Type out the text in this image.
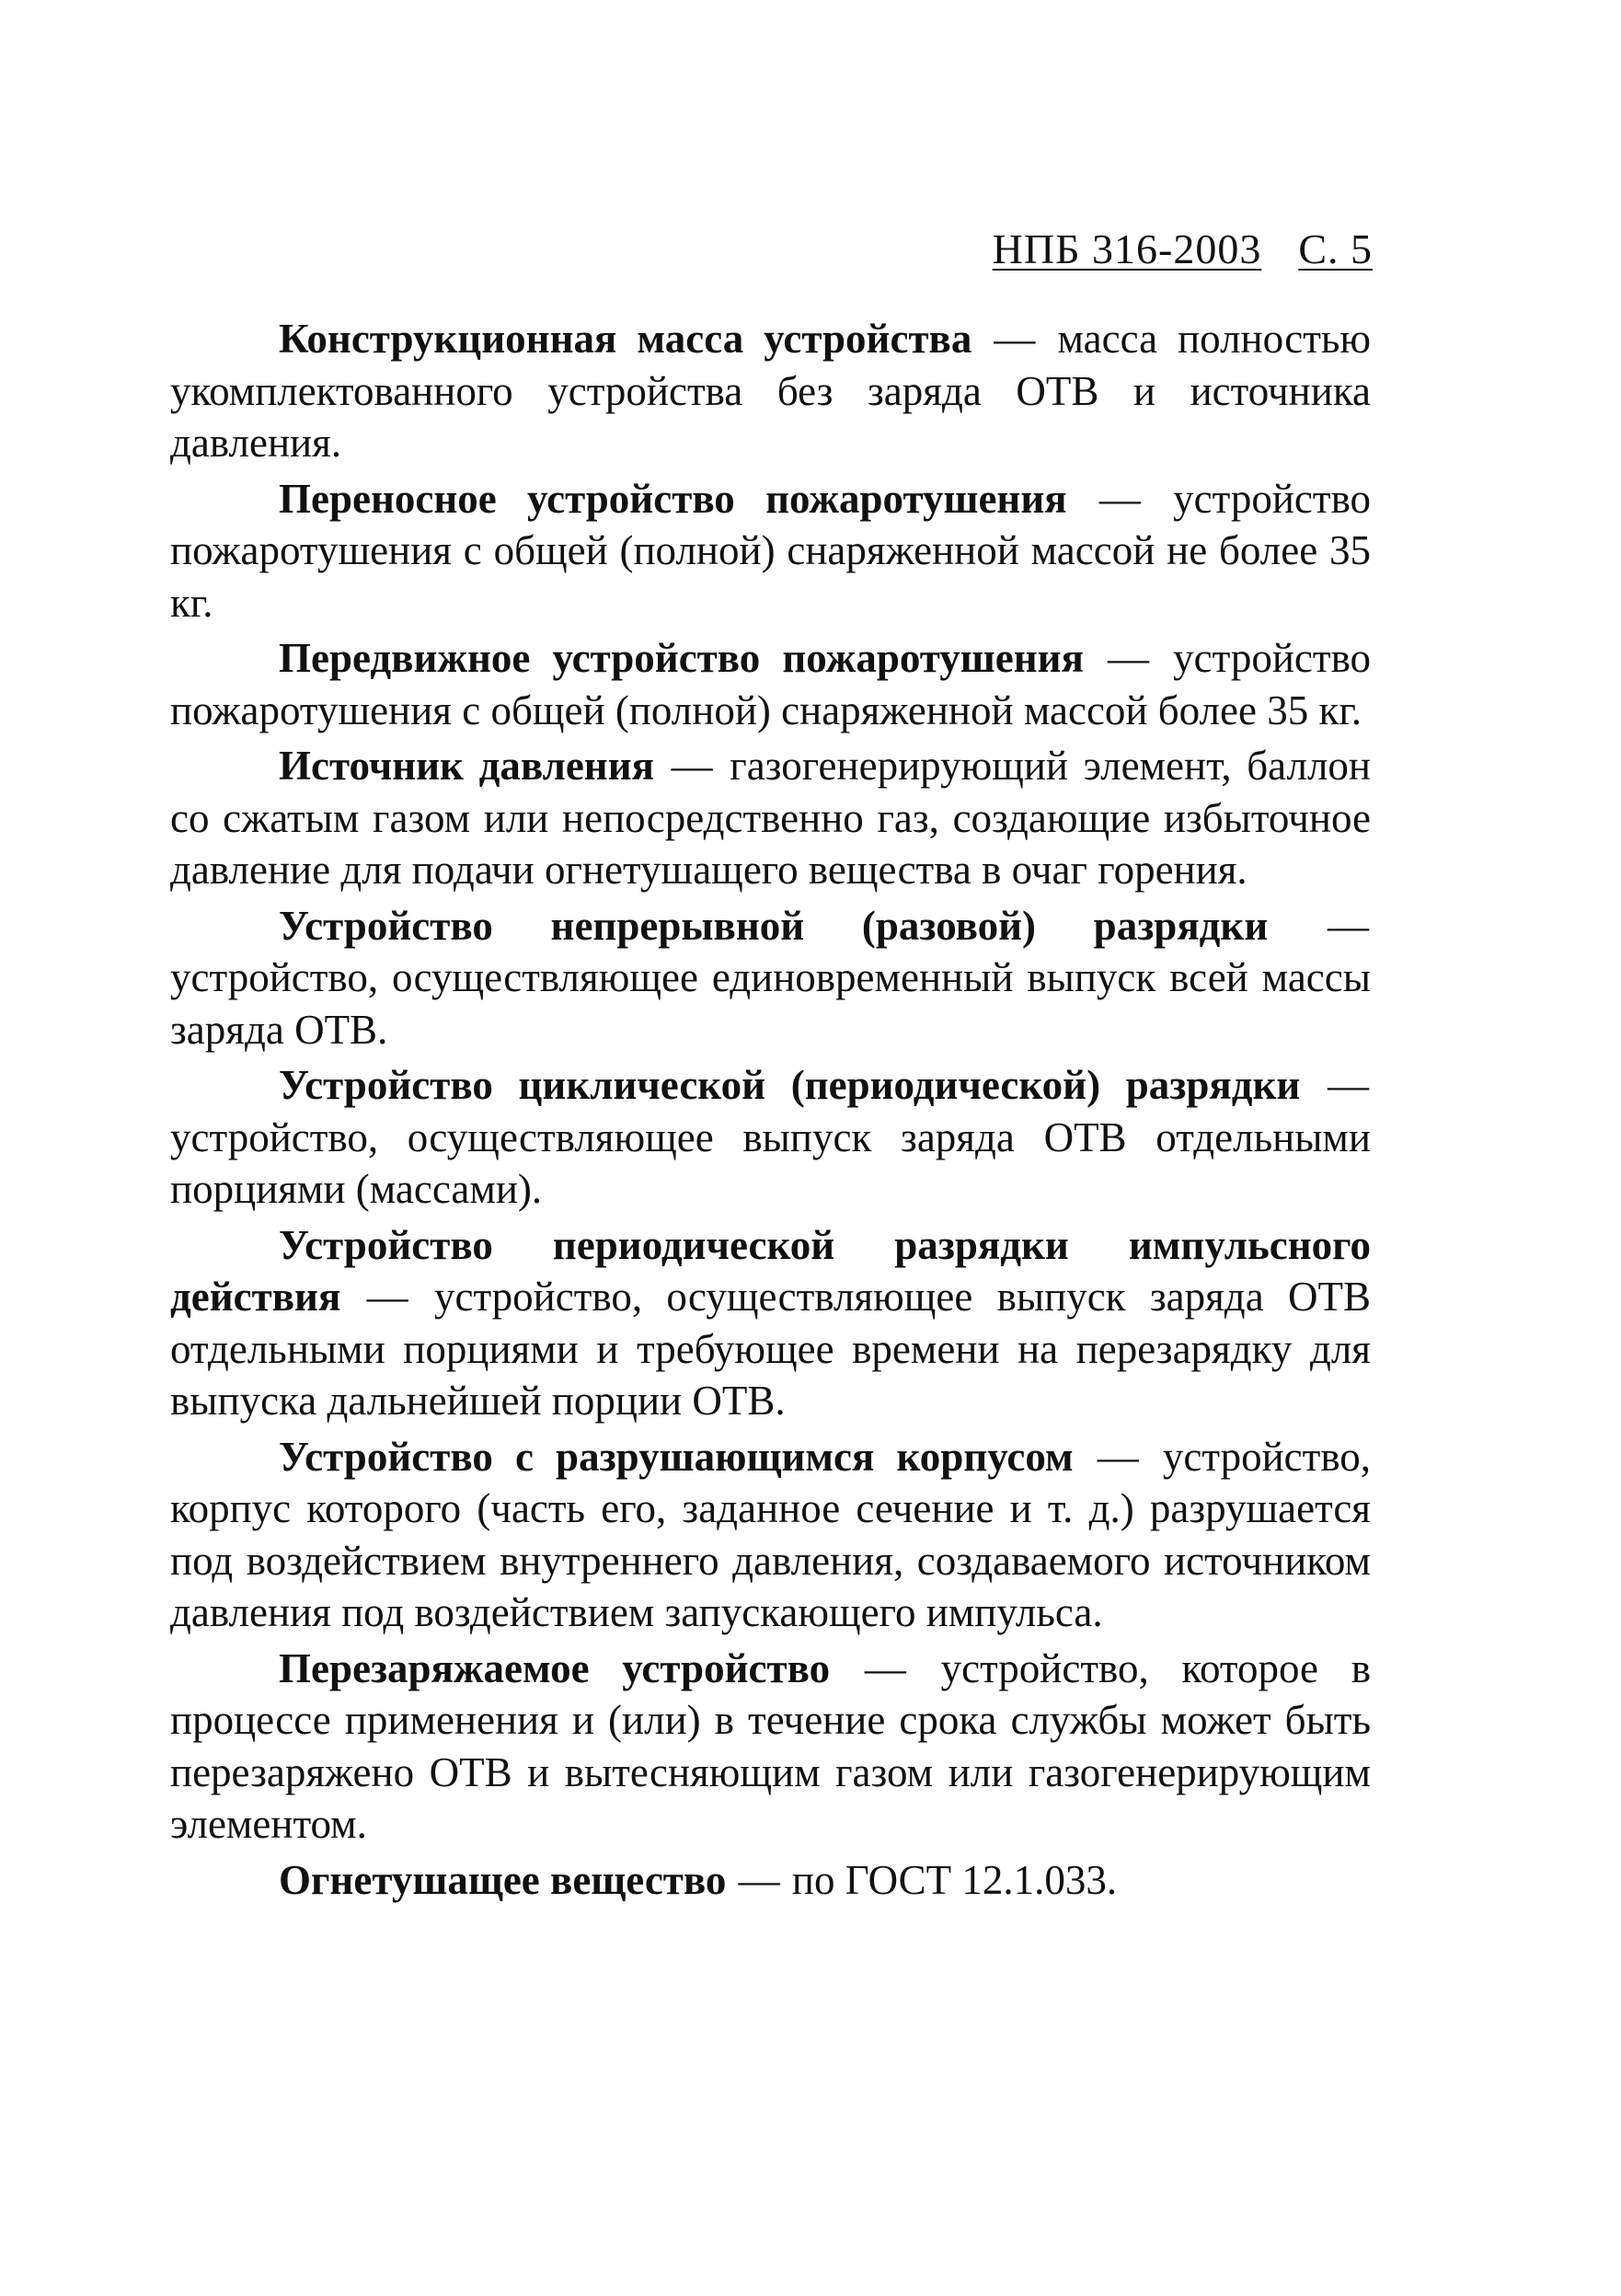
НПБ 316-2003 С. 5

Конструкционная масса устройства — масса полностью укомплектованного устройства без заряда ОТВ и источника давления.

Переносное устройство пожаротушения — устройство пожаротушения с общей (полной) снаряженной массой не более 35 кг.

Передвижное устройство пожаротушения — устройство пожаротушения с общей (полной) снаряженной массой более 35 кг.

Источник давления — газогенерирующий элемент, баллон со сжатым газом или непосредственно газ, создающие избыточное давление для подачи огнетушащего вещества в очаг горения.

Устройство непрерывной (разовой) разрядки — устройство, осуществляющее единовременный выпуск всей массы заряда ОТВ.

Устройство циклической (периодической) разрядки — устройство, осуществляющее выпуск заряда ОТВ отдельными порциями (массами).

Устройство периодической разрядки импульсного действия — устройство, осуществляющее выпуск заряда ОТВ отдельными порциями и требующее времени на перезарядку для выпуска дальнейшей порции ОТВ.

Устройство с разрушающимся корпусом — устройство, корпус которого (часть его, заданное сечение и т. д.) разрушается под воздействием внутреннего давления, создаваемого источником давления под воздействием запускающего импульса.

Перезаряжаемое устройство — устройство, которое в процессе применения и (или) в течение срока службы может быть перезаряжено ОТВ и вытесняющим газом или газогенерирующим элементом.

Огнетушащее вещество — по ГОСТ 12.1.033.
